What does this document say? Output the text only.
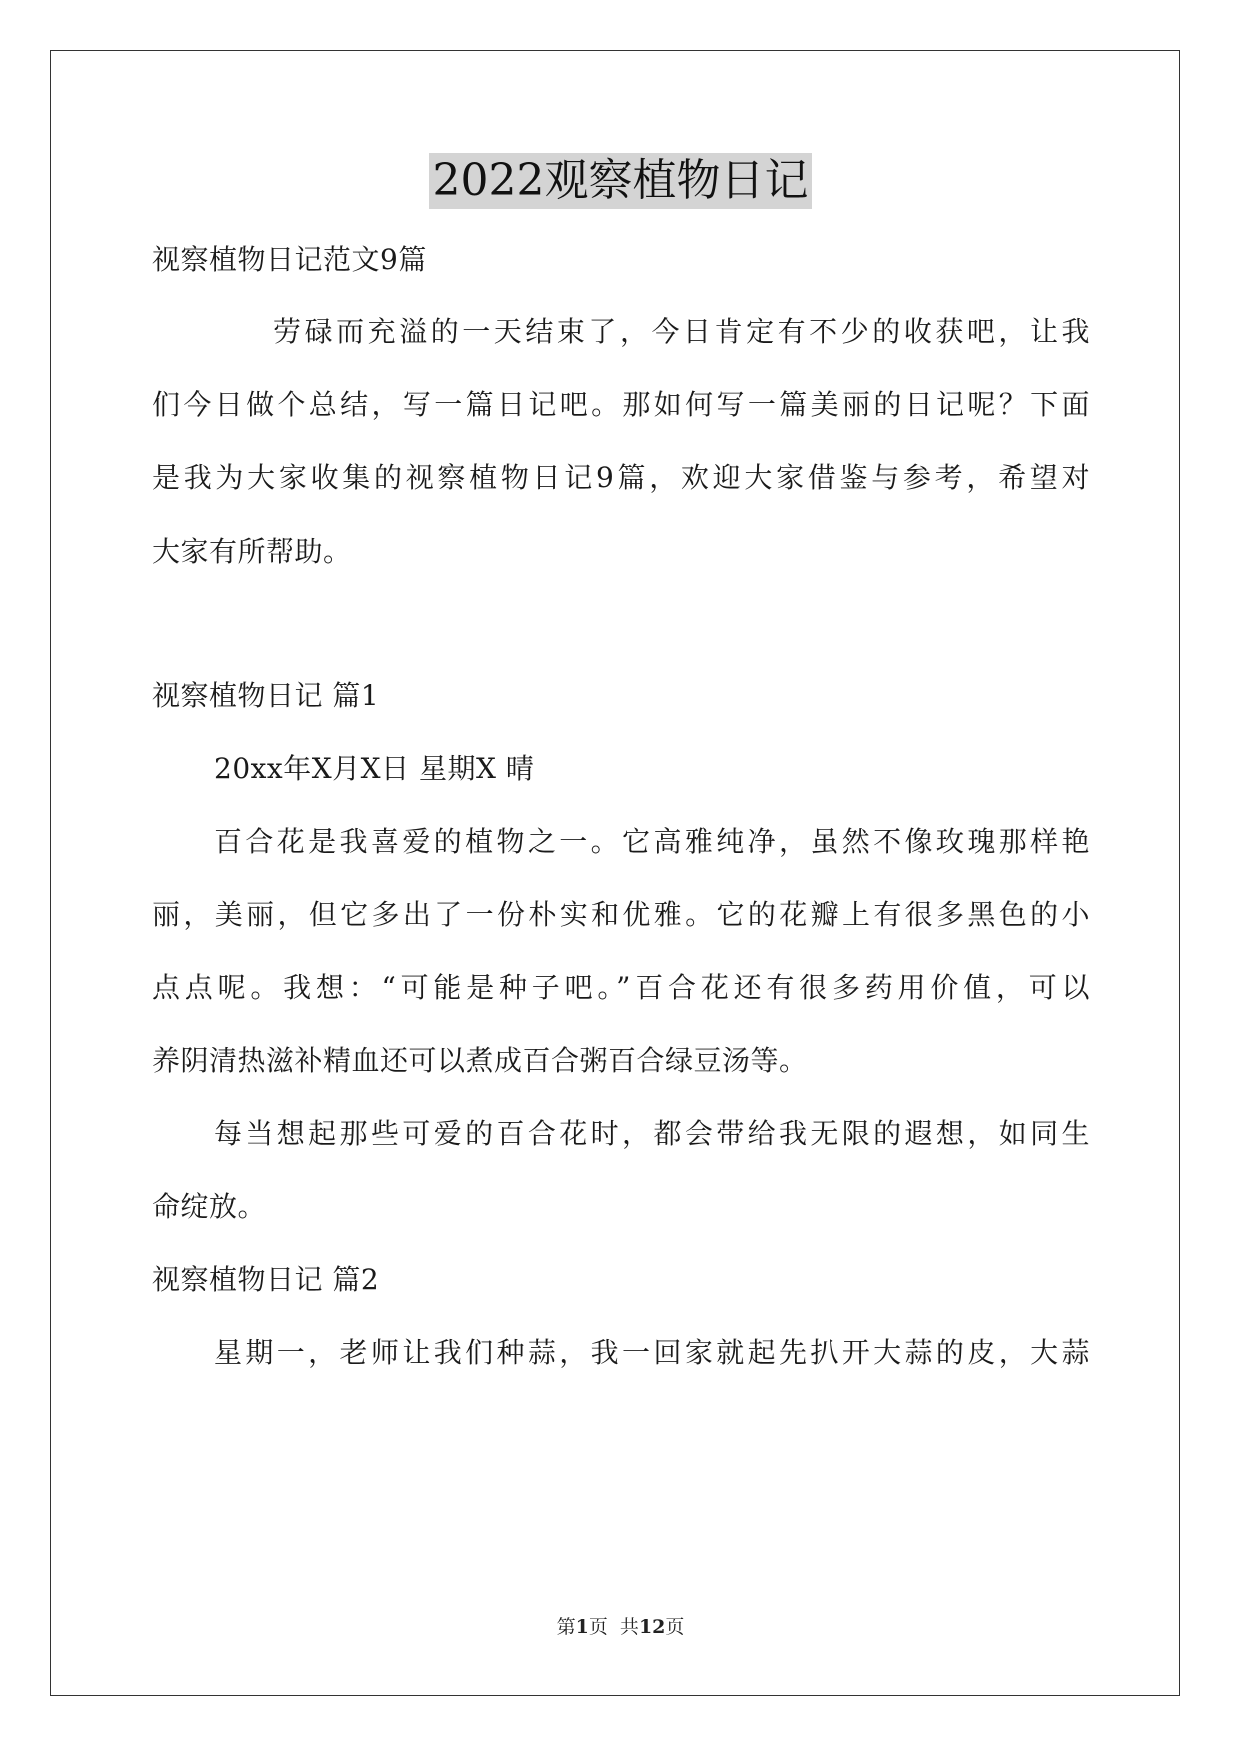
2022观察植物日记
视察植物日记范文9篇
劳碌而充溢的一天结束了，今日肯定有不少的收获吧，让我
们今日做个总结，写一篇日记吧。那如何写一篇美丽的日记呢？下面
是我为大家收集的视察植物日记9篇，欢迎大家借鉴与参考，希望对
大家有所帮助。
视察植物日记 篇1
20xx年X月X日 星期X 晴
百合花是我喜爱的植物之一。它高雅纯净，虽然不像玫瑰那样艳
丽，美丽，但它多出了一份朴实和优雅。它的花瓣上有很多黑色的小
点点呢。我想：“可能是种子吧。”百合花还有很多药用价值，可以
养阴清热滋补精血还可以煮成百合粥百合绿豆汤等。
每当想起那些可爱的百合花时，都会带给我无限的遐想，如同生
命绽放。
视察植物日记 篇2
星期一，老师让我们种蒜，我一回家就起先扒开大蒜的皮，大蒜
第1页  共12页
